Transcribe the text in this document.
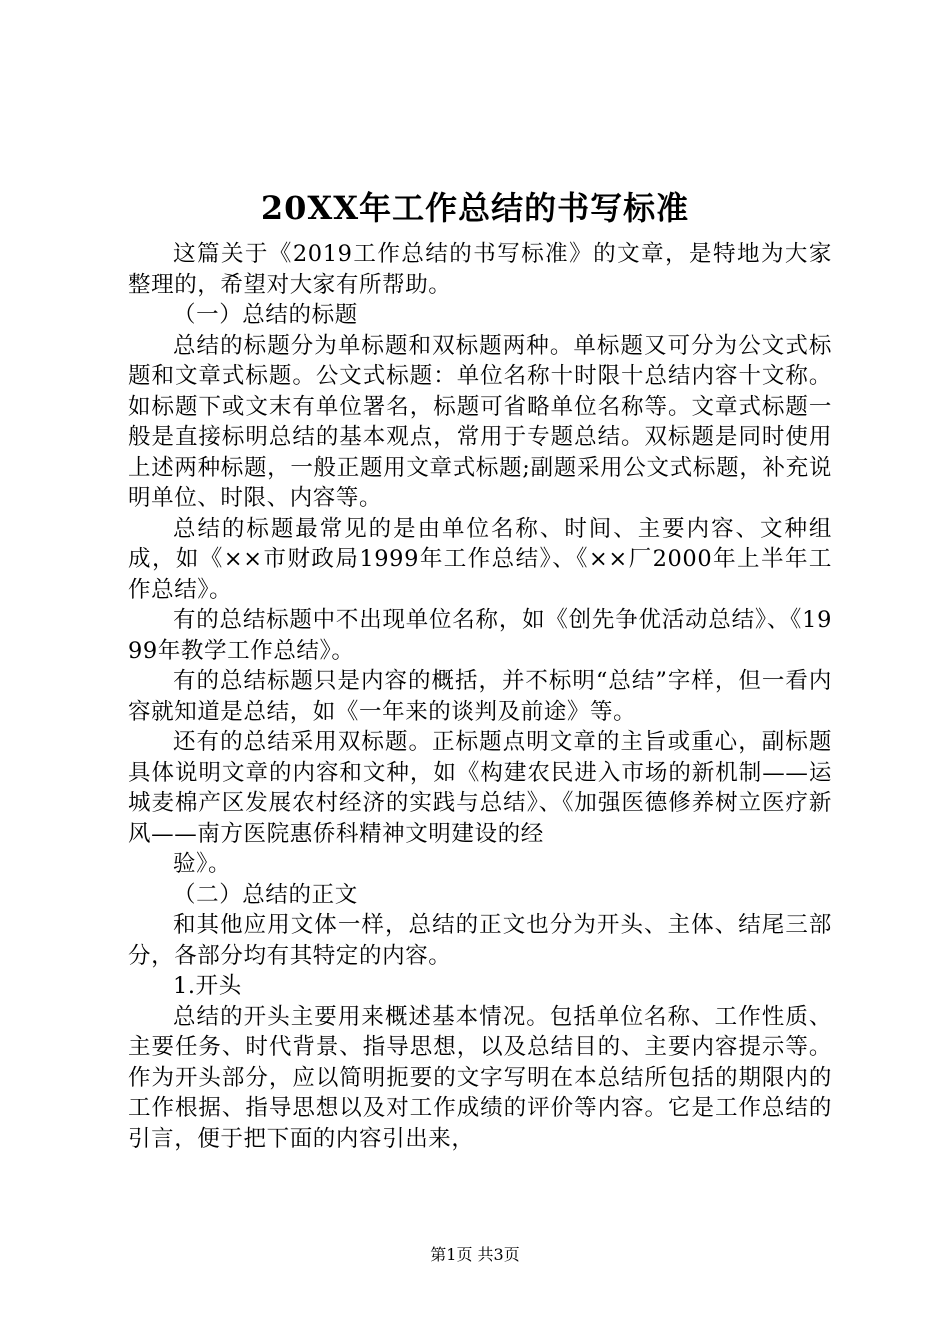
20XX年工作总结的书写标准

这篇关于《2019工作总结的书写标准》的文章，是特地为大家整理的，希望对大家有所帮助。

（一）总结的标题

总结的标题分为单标题和双标题两种。单标题又可分为公文式标题和文章式标题。公文式标题：单位名称十时限十总结内容十文称。如标题下或文末有单位署名，标题可省略单位名称等。文章式标题一般是直接标明总结的基本观点，常用于专题总结。双标题是同时使用上述两种标题，一般正题用文章式标题;副题采用公文式标题，补充说明单位、时限、内容等。

总结的标题最常见的是由单位名称、时间、主要内容、文种组成，如《××市财政局1999年工作总结》、《××厂2000年上半年工作总结》。

有的总结标题中不出现单位名称，如《创先争优活动总结》、《1999年教学工作总结》。

有的总结标题只是内容的概括，并不标明“总结”字样，但一看内容就知道是总结，如《一年来的谈判及前途》等。

还有的总结采用双标题。正标题点明文章的主旨或重心，副标题具体说明文章的内容和文种，如《构建农民进入市场的新机制——运城麦棉产区发展农村经济的实践与总结》、《加强医德修养树立医疗新风——南方医院惠侨科精神文明建设的经

验》。

（二）总结的正文

和其他应用文体一样，总结的正文也分为开头、主体、结尾三部分，各部分均有其特定的内容。

1.开头

总结的开头主要用来概述基本情况。包括单位名称、工作性质、主要任务、时代背景、指导思想，以及总结目的、主要内容提示等。作为开头部分，应以简明扼要的文字写明在本总结所包括的期限内的工作根据、指导思想以及对工作成绩的评价等内容。它是工作总结的引言，便于把下面的内容引出来，

第1页 共3页
